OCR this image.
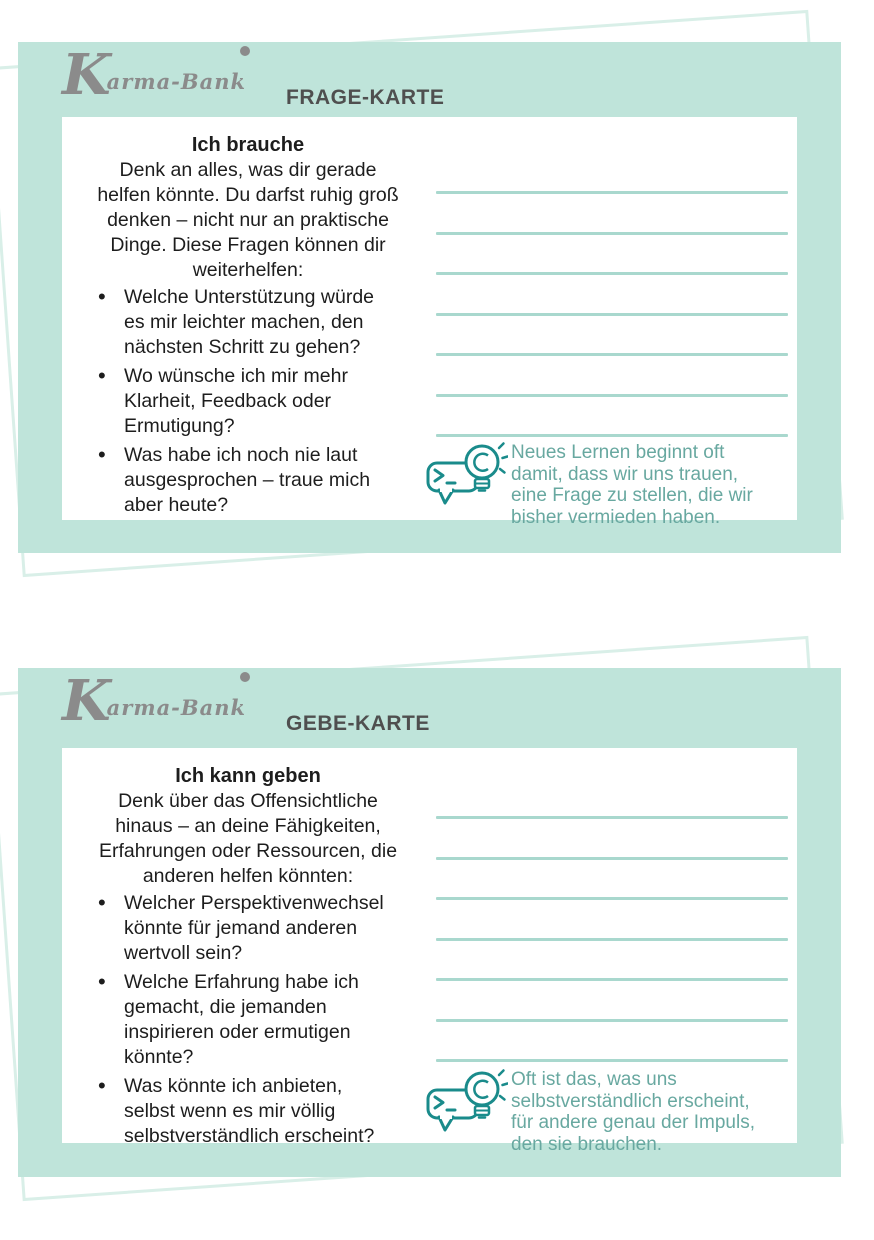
K
arma-Bank
FRAGE-KARTE

Ich brauche

Denk an alles, was dir gerade helfen könnte. Du darfst ruhig groß denken – nicht nur an praktische Dinge. Diese Fragen können dir weiterhelfen:

• Welche Unterstützung würde es mir leichter machen, den nächsten Schritt zu gehen?
• Wo wünsche ich mir mehr Klarheit, Feedback oder Ermutigung?
• Was habe ich noch nie laut ausgesprochen – traue mich aber heute?
Neues Lernen beginnt oft
damit, dass wir uns trauen,
eine Frage zu stellen, die wir
bisher vermieden haben.
K
arma-Bank
GEBE-KARTE

Ich kann geben

Denk über das Offensichtliche hinaus – an deine Fähigkeiten, Erfahrungen oder Ressourcen, die anderen helfen könnten:

• Welcher Perspektivenwechsel könnte für jemand anderen wertvoll sein?
• Welche Erfahrung habe ich gemacht, die jemanden inspirieren oder ermutigen könnte?
• Was könnte ich anbieten, selbst wenn es mir völlig selbstverständlich erscheint?
Oft ist das, was uns
selbstverständlich erscheint,
für andere genau der Impuls,
den sie brauchen.
